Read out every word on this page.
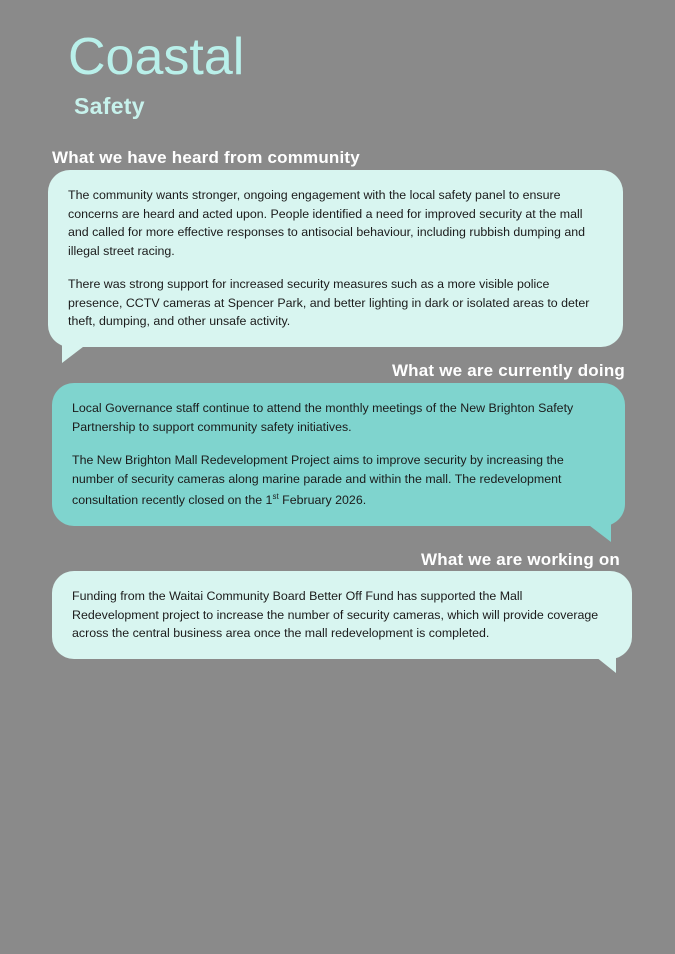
Coastal
Safety
What we have heard from community

The community wants stronger, ongoing engagement with the local safety panel to ensure concerns are heard and acted upon. People identified a need for improved security at the mall and called for more effective responses to antisocial behaviour, including rubbish dumping and illegal street racing.

There was strong support for increased security measures such as a more visible police presence, CCTV cameras at Spencer Park, and better lighting in dark or isolated areas to deter theft, dumping, and other unsafe activity.

What we are currently doing

Local Governance staff continue to attend the monthly meetings of the New Brighton Safety Partnership to support community safety initiatives.

The New Brighton Mall Redevelopment Project aims to improve security by increasing the number of security cameras along marine parade and within the mall. The redevelopment consultation recently closed on the 1st February 2026.

What we are working on

Funding from the Waitai Community Board Better Off Fund has supported the Mall Redevelopment project to increase the number of security cameras, which will provide coverage across the central business area once the mall redevelopment is completed.
